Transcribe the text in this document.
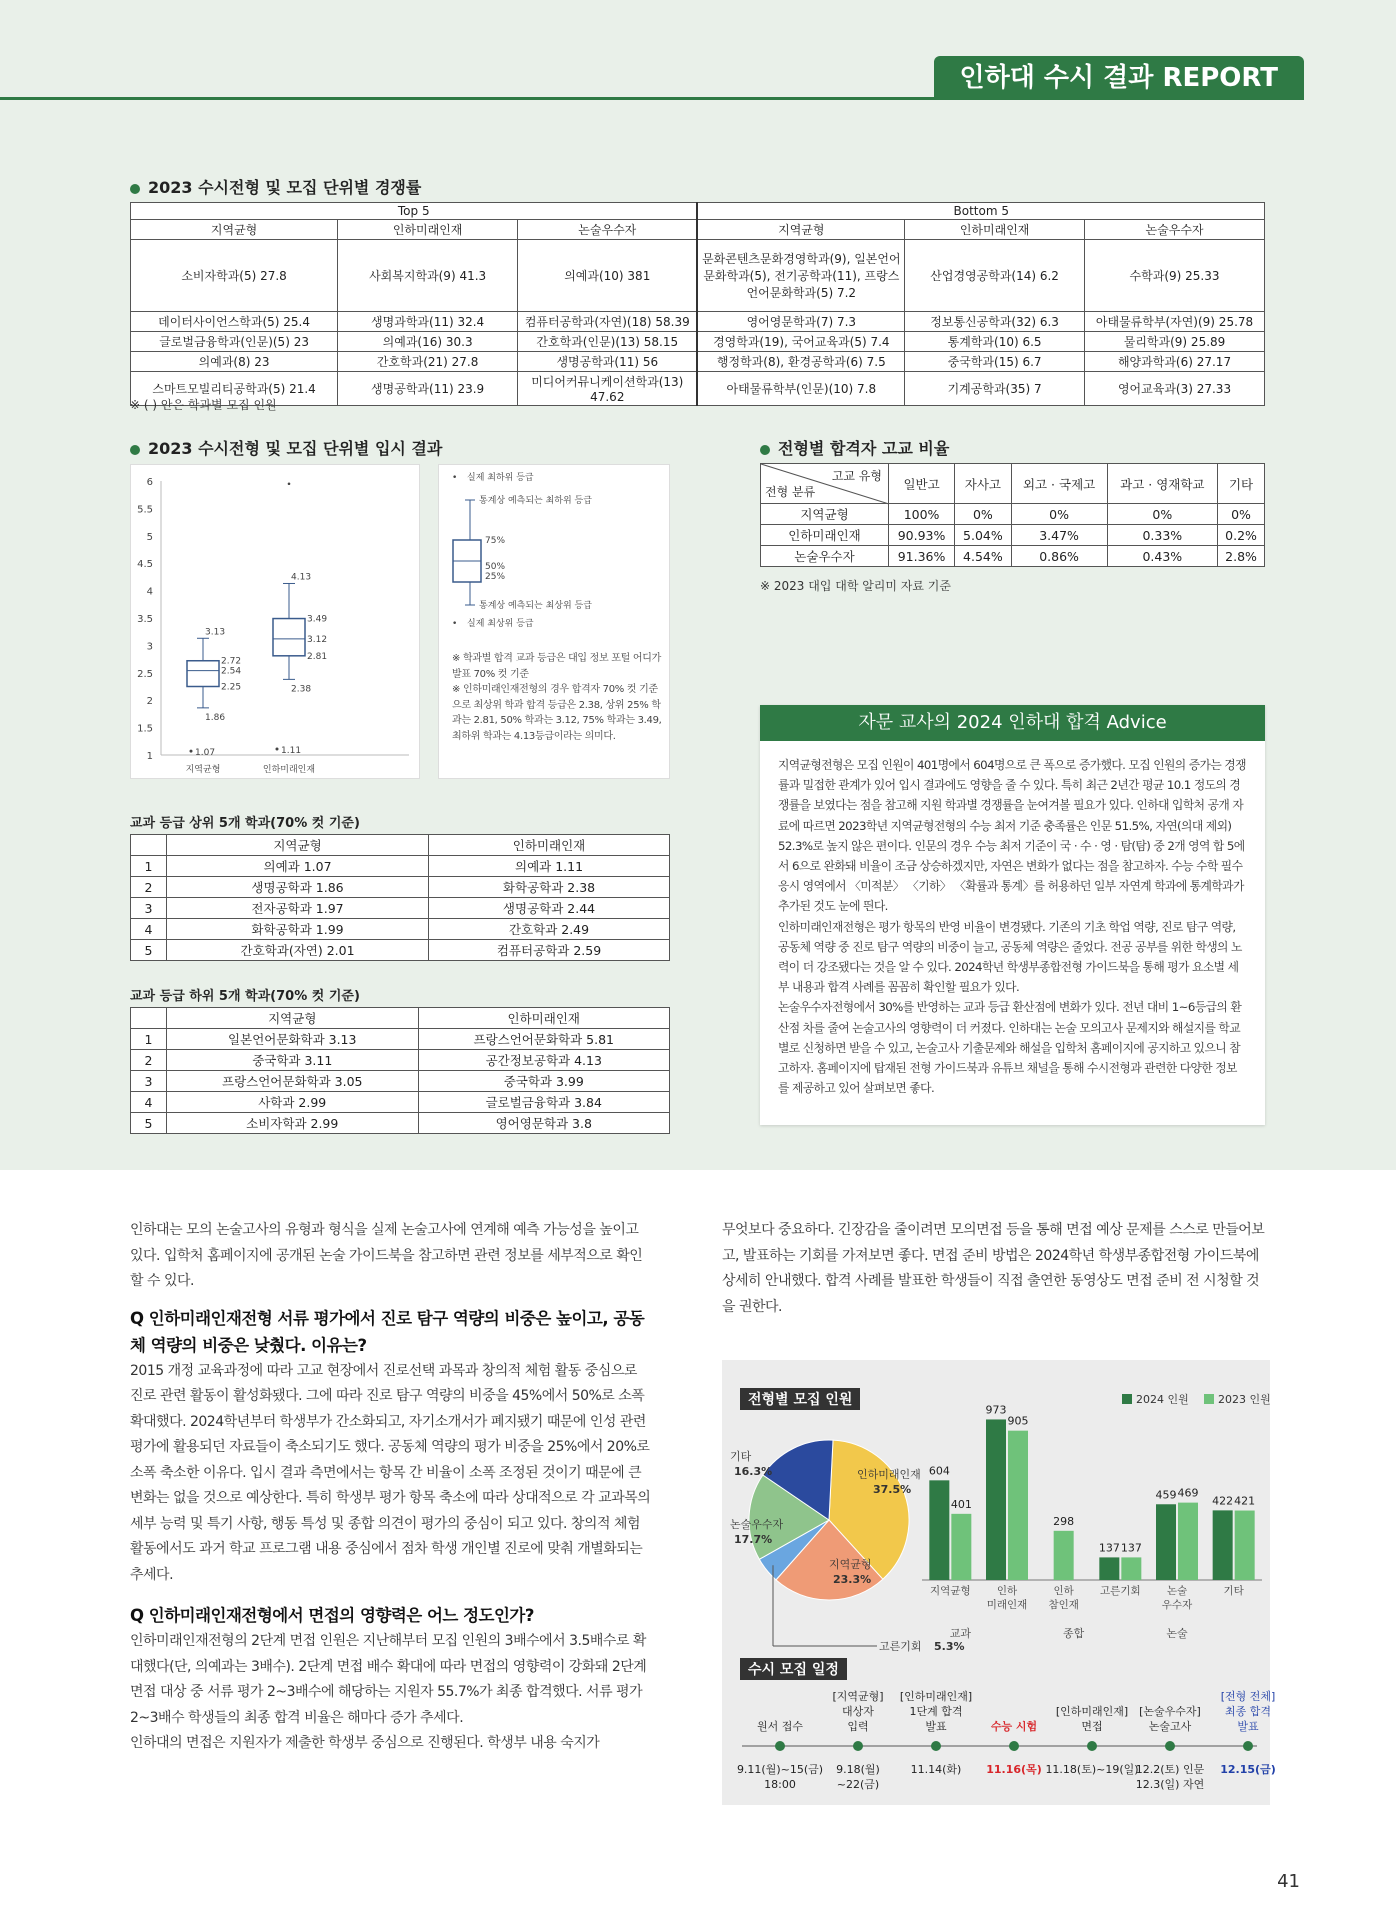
인하대 수시 결과 REPORT
2023 수시전형 및 모집 단위별 경쟁률
Top 5			Bottom 5		
지역균형	인하미래인재	논술우수자	지역균형	인하미래인재	논술우수자
소비자학과(5) 27.8	사회복지학과(9) 41.3	의예과(10) 381	문화콘텐츠문화경영학과(9), 일본언어문화학과(5), 전기공학과(11), 프랑스언어문화학과(5) 7.2	산업경영공학과(14) 6.2	수학과(9) 25.33
데이터사이언스학과(5) 25.4	생명과학과(11) 32.4	컴퓨터공학과(자연)(18) 58.39	영어영문학과(7) 7.3	정보통신공학과(32) 6.3	아태물류학부(자연)(9) 25.78
글로벌금융학과(인문)(5) 23	의예과(16) 30.3	간호학과(인문)(13) 58.15	경영학과(19), 국어교육과(5) 7.4	통계학과(10) 6.5	물리학과(9) 25.89
의예과(8) 23	간호학과(21) 27.8	생명공학과(11) 56	행정학과(8), 환경공학과(6) 7.5	중국학과(15) 6.7	해양과학과(6) 27.17
스마트모빌리티공학과(5) 21.4	생명공학과(11) 23.9	미디어커뮤니케이션학과(13) 47.62	아태물류학부(인문)(10) 7.8	기계공학과(35) 7	영어교육과(3) 27.33
※ ( ) 안은 학과별 모집 인원
2023 수시전형 및 모집 단위별 입시 결과
6
5.5
5
4.5
4
3.5
3
2.5
2
1.5
1	1.07
3.13
2.72
2.54
2.25
1.86
지역균형
1.11
4.13
3.49
3.12
2.81
2.38
인하미래인재
• 실제 최하위 등급
통계상 예측되는 최하위 등급
75%
50%
25%
통계상 예측되는 최상위 등급
• 실제 최상위 등급
※ 학과별 합격 교과 등급은 대입 정보 포털 어디가 발표 70% 컷 기준
※ 인하미래인재전형의 경우 합격자 70% 컷 기준으로 최상위 학과 합격 등급은 2.38, 상위 25% 학과는 2.81, 50% 학과는 3.12, 75% 학과는 3.49, 최하위 학과는 4.13등급이라는 의미다.
전형별 합격자 고교 비율
고교 유형
전형 분류	일반고	자사고	외고 · 국제고	과고 · 영재학교	기타
지역균형	100%	0%	0%	0%	0%
인하미래인재	90.93%	5.04%	3.47%	0.33%	0.2%
논술우수자	91.36%	4.54%	0.86%	0.43%	2.8%
※ 2023 대입 대학 알리미 자료 기준
교과 등급 상위 5개 학과(70% 컷 기준)
	지역균형	인하미래인재
1	의예과 1.07	의예과 1.11
2	생명공학과 1.86	화학공학과 2.38
3	전자공학과 1.97	생명공학과 2.44
4	화학공학과 1.99	간호학과 2.49
5	간호학과(자연) 2.01	컴퓨터공학과 2.59
교과 등급 하위 5개 학과(70% 컷 기준)
	지역균형	인하미래인재
1	일본언어문화학과 3.13	프랑스언어문화학과 5.81
2	중국학과 3.11	공간정보공학과 4.13
3	프랑스언어문화학과 3.05	중국학과 3.99
4	사학과 2.99	글로벌금융학과 3.84
5	소비자학과 2.99	영어영문학과 3.8
자문 교사의 2024 인하대 합격 Advice
지역균형전형은 모집 인원이 401명에서 604명으로 큰 폭으로 증가했다. 모집 인원의 증가는 경쟁률과 밀접한 관계가 있어 입시 결과에도 영향을 줄 수 있다. 특히 최근 2년간 평균 10.1 정도의 경쟁률을 보였다는 점을 참고해 지원 학과별 경쟁률을 눈여겨볼 필요가 있다. 인하대 입학처 공개 자료에 따르면 2023학년 지역균형전형의 수능 최저 기준 충족률은 인문 51.5%, 자연(의대 제외) 52.3%로 높지 않은 편이다. 인문의 경우 수능 최저 기준이 국 · 수 · 영 · 탐(탐) 중 2개 영역 합 5에서 6으로 완화돼 비율이 조금 상승하겠지만, 자연은 변화가 없다는 점을 참고하자. 수능 수학 필수 응시 영역에서 〈미적분〉 〈기하〉 〈확률과 통계〉를 허용하던 일부 자연계 학과에 통계학과가 추가된 것도 눈에 띈다.
인하미래인재전형은 평가 항목의 반영 비율이 변경됐다. 기존의 기초 학업 역량, 진로 탐구 역량, 공동체 역량 중 진로 탐구 역량의 비중이 늘고, 공동체 역량은 줄었다. 전공 공부를 위한 학생의 노력이 더 강조됐다는 것을 알 수 있다. 2024학년 학생부종합전형 가이드북을 통해 평가 요소별 세부 내용과 합격 사례를 꼼꼼히 확인할 필요가 있다.
논술우수자전형에서 30%를 반영하는 교과 등급 환산점에 변화가 있다. 전년 대비 1~6등급의 환산점 차를 줄여 논술고사의 영향력이 더 커졌다. 인하대는 논술 모의고사 문제지와 해설지를 학교별로 신청하면 받을 수 있고, 논술고사 기출문제와 해설을 입학처 홈페이지에 공지하고 있으니 참고하자. 홈페이지에 탑재된 전형 가이드북과 유튜브 채널을 통해 수시전형과 관련한 다양한 정보를 제공하고 있어 살펴보면 좋다.

인하대는 모의 논술고사의 유형과 형식을 실제 논술고사에 연계해 예측 가능성을 높이고 있다. 입학처 홈페이지에 공개된 논술 가이드북을 참고하면 관련 정보를 세부적으로 확인할 수 있다.

Q 인하미래인재전형 서류 평가에서 진로 탐구 역량의 비중은 높이고, 공동체 역량의 비중은 낮췄다. 이유는?

2015 개정 교육과정에 따라 고교 현장에서 진로선택 과목과 창의적 체험 활동 중심으로 진로 관련 활동이 활성화됐다. 그에 따라 진로 탐구 역량의 비중을 45%에서 50%로 소폭 확대했다. 2024학년부터 학생부가 간소화되고, 자기소개서가 폐지됐기 때문에 인성 관련 평가에 활용되던 자료들이 축소되기도 했다. 공동체 역량의 평가 비중을 25%에서 20%로 소폭 축소한 이유다. 입시 결과 측면에서는 항목 간 비율이 소폭 조정된 것이기 때문에 큰 변화는 없을 것으로 예상한다. 특히 학생부 평가 항목 축소에 따라 상대적으로 각 교과목의 세부 능력 및 특기 사항, 행동 특성 및 종합 의견이 평가의 중심이 되고 있다. 창의적 체험 활동에서도 과거 학교 프로그램 내용 중심에서 점차 학생 개인별 진로에 맞춰 개별화되는 추세다.

Q 인하미래인재전형에서 면접의 영향력은 어느 정도인가?

인하미래인재전형의 2단계 면접 인원은 지난해부터 모집 인원의 3배수에서 3.5배수로 확대했다(단, 의예과는 3배수). 2단계 면접 배수 확대에 따라 면접의 영향력이 강화돼 2단계 면접 대상 중 서류 평가 2~3배수에 해당하는 지원자 55.7%가 최종 합격했다. 서류 평가 2~3배수 학생들의 최종 합격 비율은 해마다 증가 추세다.

인하대의 면접은 지원자가 제출한 학생부 중심으로 진행된다. 학생부 내용 숙지가

무엇보다 중요하다. 긴장감을 줄이려면 모의면접 등을 통해 면접 예상 문제를 스스로 만들어보고, 발표하는 기회를 가져보면 좋다. 면접 준비 방법은 2024학년 학생부종합전형 가이드북에 상세히 안내했다. 합격 사례를 발표한 학생들이 직접 출연한 동영상도 면접 준비 전 시청할 것을 권한다.

전형별 모집 인원
인하미래인재
37.5%
지역균형
23.3%
고른기회 5.3%
논술우수자
17.7%
기타
16.3%	604
401
지역균형
973
905
인하
미래인재
298
인하
참인재
137 137
고른기회
459 469
논술
우수자
422 421
기타
교과	종합	논술
2024 인원	2023 인원
수시 모집 일정
원서 접수
9.11(월)~15(금)
18:00
[지역균형]
대상자
입력
9.18(월)
~22(금)
[인하미래인재]
1단계 합격
발표
11.14(화)
수능 시험
11.16(목)
[인하미래인재]
면접
11.18(토)~19(일)
[논술우수자]
논술고사
12.2(토) 인문
12.3(일) 자연
[전형 전체]
최종 합격
발표
12.15(금)
41
